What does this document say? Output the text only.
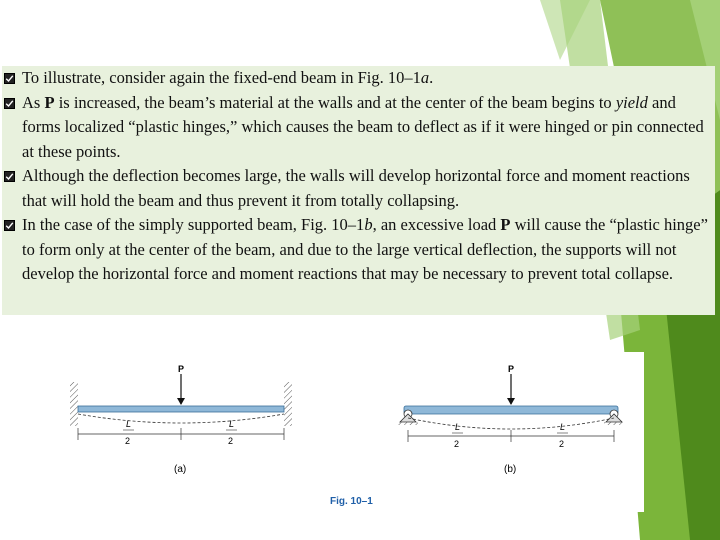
To illustrate, consider again the fixed-end beam in Fig. 10–1a.
As P is increased, the beam’s material at the walls and at the center of the beam begins to yield and forms localized “plastic hinges,” which causes the beam to deflect as if it were hinged or pin connected at these points.
Although the deflection becomes large, the walls will develop horizontal force and moment reactions that will hold the beam and thus prevent it from totally collapsing.
In the case of the simply supported beam, Fig. 10–1b, an excessive load P will cause the “plastic hinge” to form only at the center of the beam, and due to the large vertical deflection, the supports will not develop the horizontal force and moment reactions that may be necessary to prevent total collapse.
P
L
2
L
2
(a)
P
L
2
L
2
(b)
Fig. 10–1
